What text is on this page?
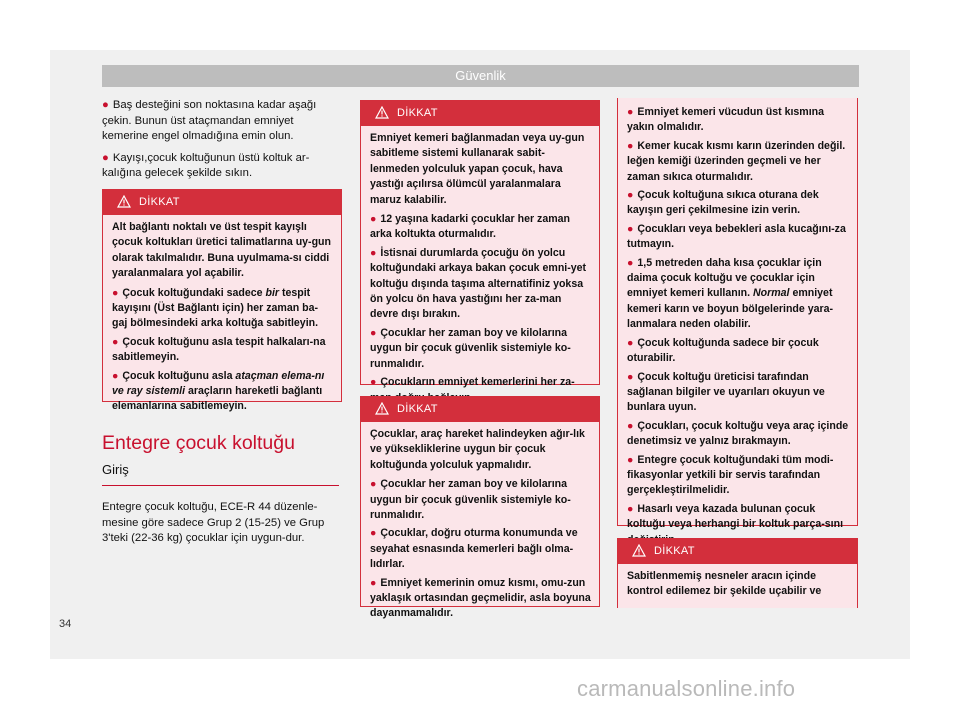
Güvenlik

● Baş desteğini son noktasına kadar aşağı çekin. Bunun üst ataçmandan emniyet kemerine engel olmadığına emin olun.

● Kayışı,çocuk koltuğunun üstü koltuk ar-kalığına gelecek şekilde sıkın.

DİKKAT

Alt bağlantı noktalı ve üst tespit kayışlı çocuk koltukları üretici talimatlarına uy-gun olarak takılmalıdır. Buna uyulmama-sı ciddi yaralanmalara yol açabilir.

● Çocuk koltuğundaki sadece bir tespit kayışını (Üst Bağlantı için) her zaman ba-gaj bölmesindeki arka koltuğa sabitleyin.

● Çocuk koltuğunu asla tespit halkaları-na sabitlemeyin.

● Çocuk koltuğunu asla ataçman elema-nı ve ray sistemli araçların hareketli bağlantı elemanlarına sabitlemeyin.

Entegre çocuk koltuğu
Giriş
Entegre çocuk koltuğu, ECE-R 44 düzenle-mesine göre sadece Grup 2 (15-25) ve Grup 3'teki (22-36 kg) çocuklar için uygun-dur.
DİKKAT

Emniyet kemeri bağlanmadan veya uy-gun sabitleme sistemi kullanarak sabit-lenmeden yolculuk yapan çocuk, hava yastığı açılırsa ölümcül yaralanmalara maruz kalabilir.

● 12 yaşına kadarki çocuklar her zaman arka koltukta oturmalıdır.

● İstisnai durumlarda çocuğu ön yolcu koltuğundaki arkaya bakan çocuk emni-yet koltuğu dışında taşıma alternatifiniz yoksa ön yolcu ön hava yastığını her za-man devre dışı bırakın.

● Çocuklar her zaman boy ve kilolarına uygun bir çocuk güvenlik sistemiyle ko-runmalıdır.

● Çocukların emniyet kemerlerini her za-

DİKKAT

Çocuklar, araç hareket halindeyken ağır-lık ve yüksekliklerine uygun bir çocuk koltuğunda yolculuk yapmalıdır.

● Çocuklar her zaman boy ve kilolarına uygun bir çocuk güvenlik sistemiyle ko-runmalıdır.

● Çocuklar, doğru oturma konumunda ve seyahat esnasında kemerleri bağlı olma-lıdırlar.

● Emniyet kemerinin omuz kısmı, omu-zun yaklaşık ortasından geçmelidir, asla boyuna dayanmamalıdır.

● Emniyet kemeri vücudun üst kısmına yakın olmalıdır.

● Kemer kucak kısmı karın üzerinden değil. leğen kemiği üzerinden geçmeli ve her zaman sıkıca oturmalıdır.

● Çocuk koltuğuna sıkıca oturana dek kayışın geri çekilmesine izin verin.

● Çocukları veya bebekleri asla kucağını-za tutmayın.

● 1,5 metreden daha kısa çocuklar için daima çocuk koltuğu ve çocuklar için emniyet kemeri kullanın. Normal emniyet kemeri karın ve boyun bölgelerinde yara-lanmalara neden olabilir.

● Çocuk koltuğunda sadece bir çocuk oturabilir.

● Çocuk koltuğu üreticisi tarafından sağlanan bilgiler ve uyarıları okuyun ve bunlara uyun.

● Çocukları, çocuk koltuğu veya araç içinde denetimsiz ve yalnız bırakmayın.

● Entegre çocuk koltuğundaki tüm modi-fikasyonlar yetkili bir servis tarafından gerçekleştirilmelidir.

● Hasarlı veya kazada bulunan çocuk koltuğu veya herhangi bir koltuk parça-sını

DİKKAT

Sabitlenmemiş nesneler aracın içinde kontrol edilemez bir şekilde uçabilir ve

34
carmanualsonline.info
